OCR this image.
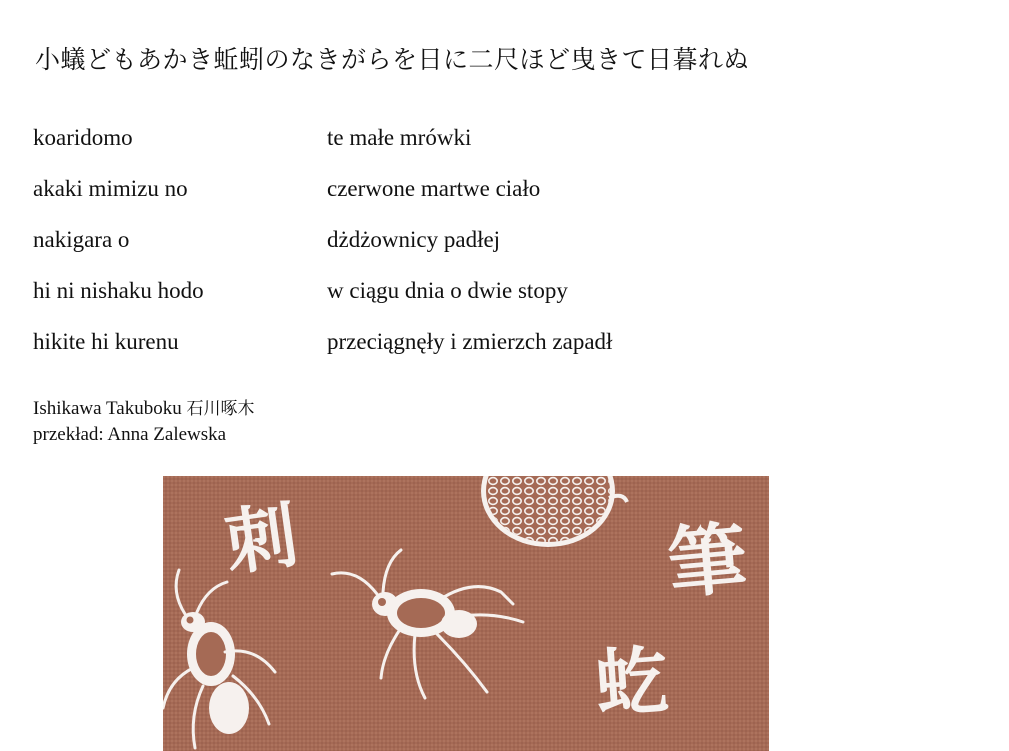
小蟻どもあかき蚯蚓のなきがらを日に二尺ほど曳きて日暮れぬ
koaridomo	te małe mrówki
akaki mimizu no	czerwone martwe ciało
nakigara o	dżdżownicy padłej
hi ni nishaku hodo	w ciągu dnia o dwie stopy
hikite hi kurenu	przeciągnęły i zmierzch zapadł
Ishikawa Takuboku 石川啄木
przekład: Anna Zalewska
刺	筆
虼
